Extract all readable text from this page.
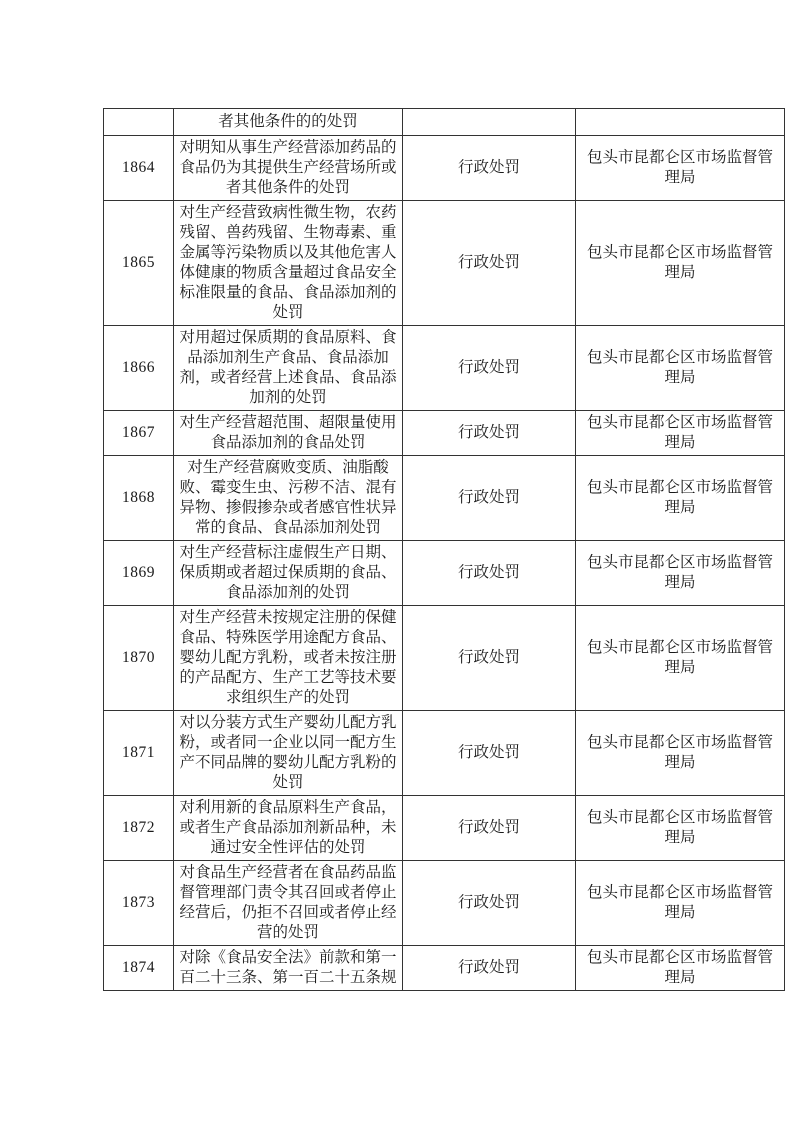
	者其他条件的的处罚		
1864	对明知从事生产经营添加药品的食品仍为其提供生产经营场所或者其他条件的处罚	行政处罚	包头市昆都仑区市场监督管理局
1865	对生产经营致病性微生物，农药残留、兽药残留、生物毒素、重金属等污染物质以及其他危害人体健康的物质含量超过食品安全标准限量的食品、食品添加剂的处罚	行政处罚	包头市昆都仑区市场监督管理局
1866	对用超过保质期的食品原料、食品添加剂生产食品、食品添加剂，或者经营上述食品、食品添加剂的处罚	行政处罚	包头市昆都仑区市场监督管理局
1867	对生产经营超范围、超限量使用食品添加剂的食品处罚	行政处罚	包头市昆都仑区市场监督管理局
1868	对生产经营腐败变质、油脂酸败、霉变生虫、污秽不洁、混有异物、掺假掺杂或者感官性状异常的食品、食品添加剂处罚	行政处罚	包头市昆都仑区市场监督管理局
1869	对生产经营标注虚假生产日期、保质期或者超过保质期的食品、食品添加剂的处罚	行政处罚	包头市昆都仑区市场监督管理局
1870	对生产经营未按规定注册的保健食品、特殊医学用途配方食品、婴幼儿配方乳粉，或者未按注册的产品配方、生产工艺等技术要求组织生产的处罚	行政处罚	包头市昆都仑区市场监督管理局
1871	对以分装方式生产婴幼儿配方乳粉，或者同一企业以同一配方生产不同品牌的婴幼儿配方乳粉的处罚	行政处罚	包头市昆都仑区市场监督管理局
1872	对利用新的食品原料生产食品，或者生产食品添加剂新品种，未通过安全性评估的处罚	行政处罚	包头市昆都仑区市场监督管理局
1873	对食品生产经营者在食品药品监督管理部门责令其召回或者停止经营后，仍拒不召回或者停止经营的处罚	行政处罚	包头市昆都仑区市场监督管理局
1874	对除《食品安全法》前款和第一百二十三条、第一百二十五条规	行政处罚	包头市昆都仑区市场监督管理局
